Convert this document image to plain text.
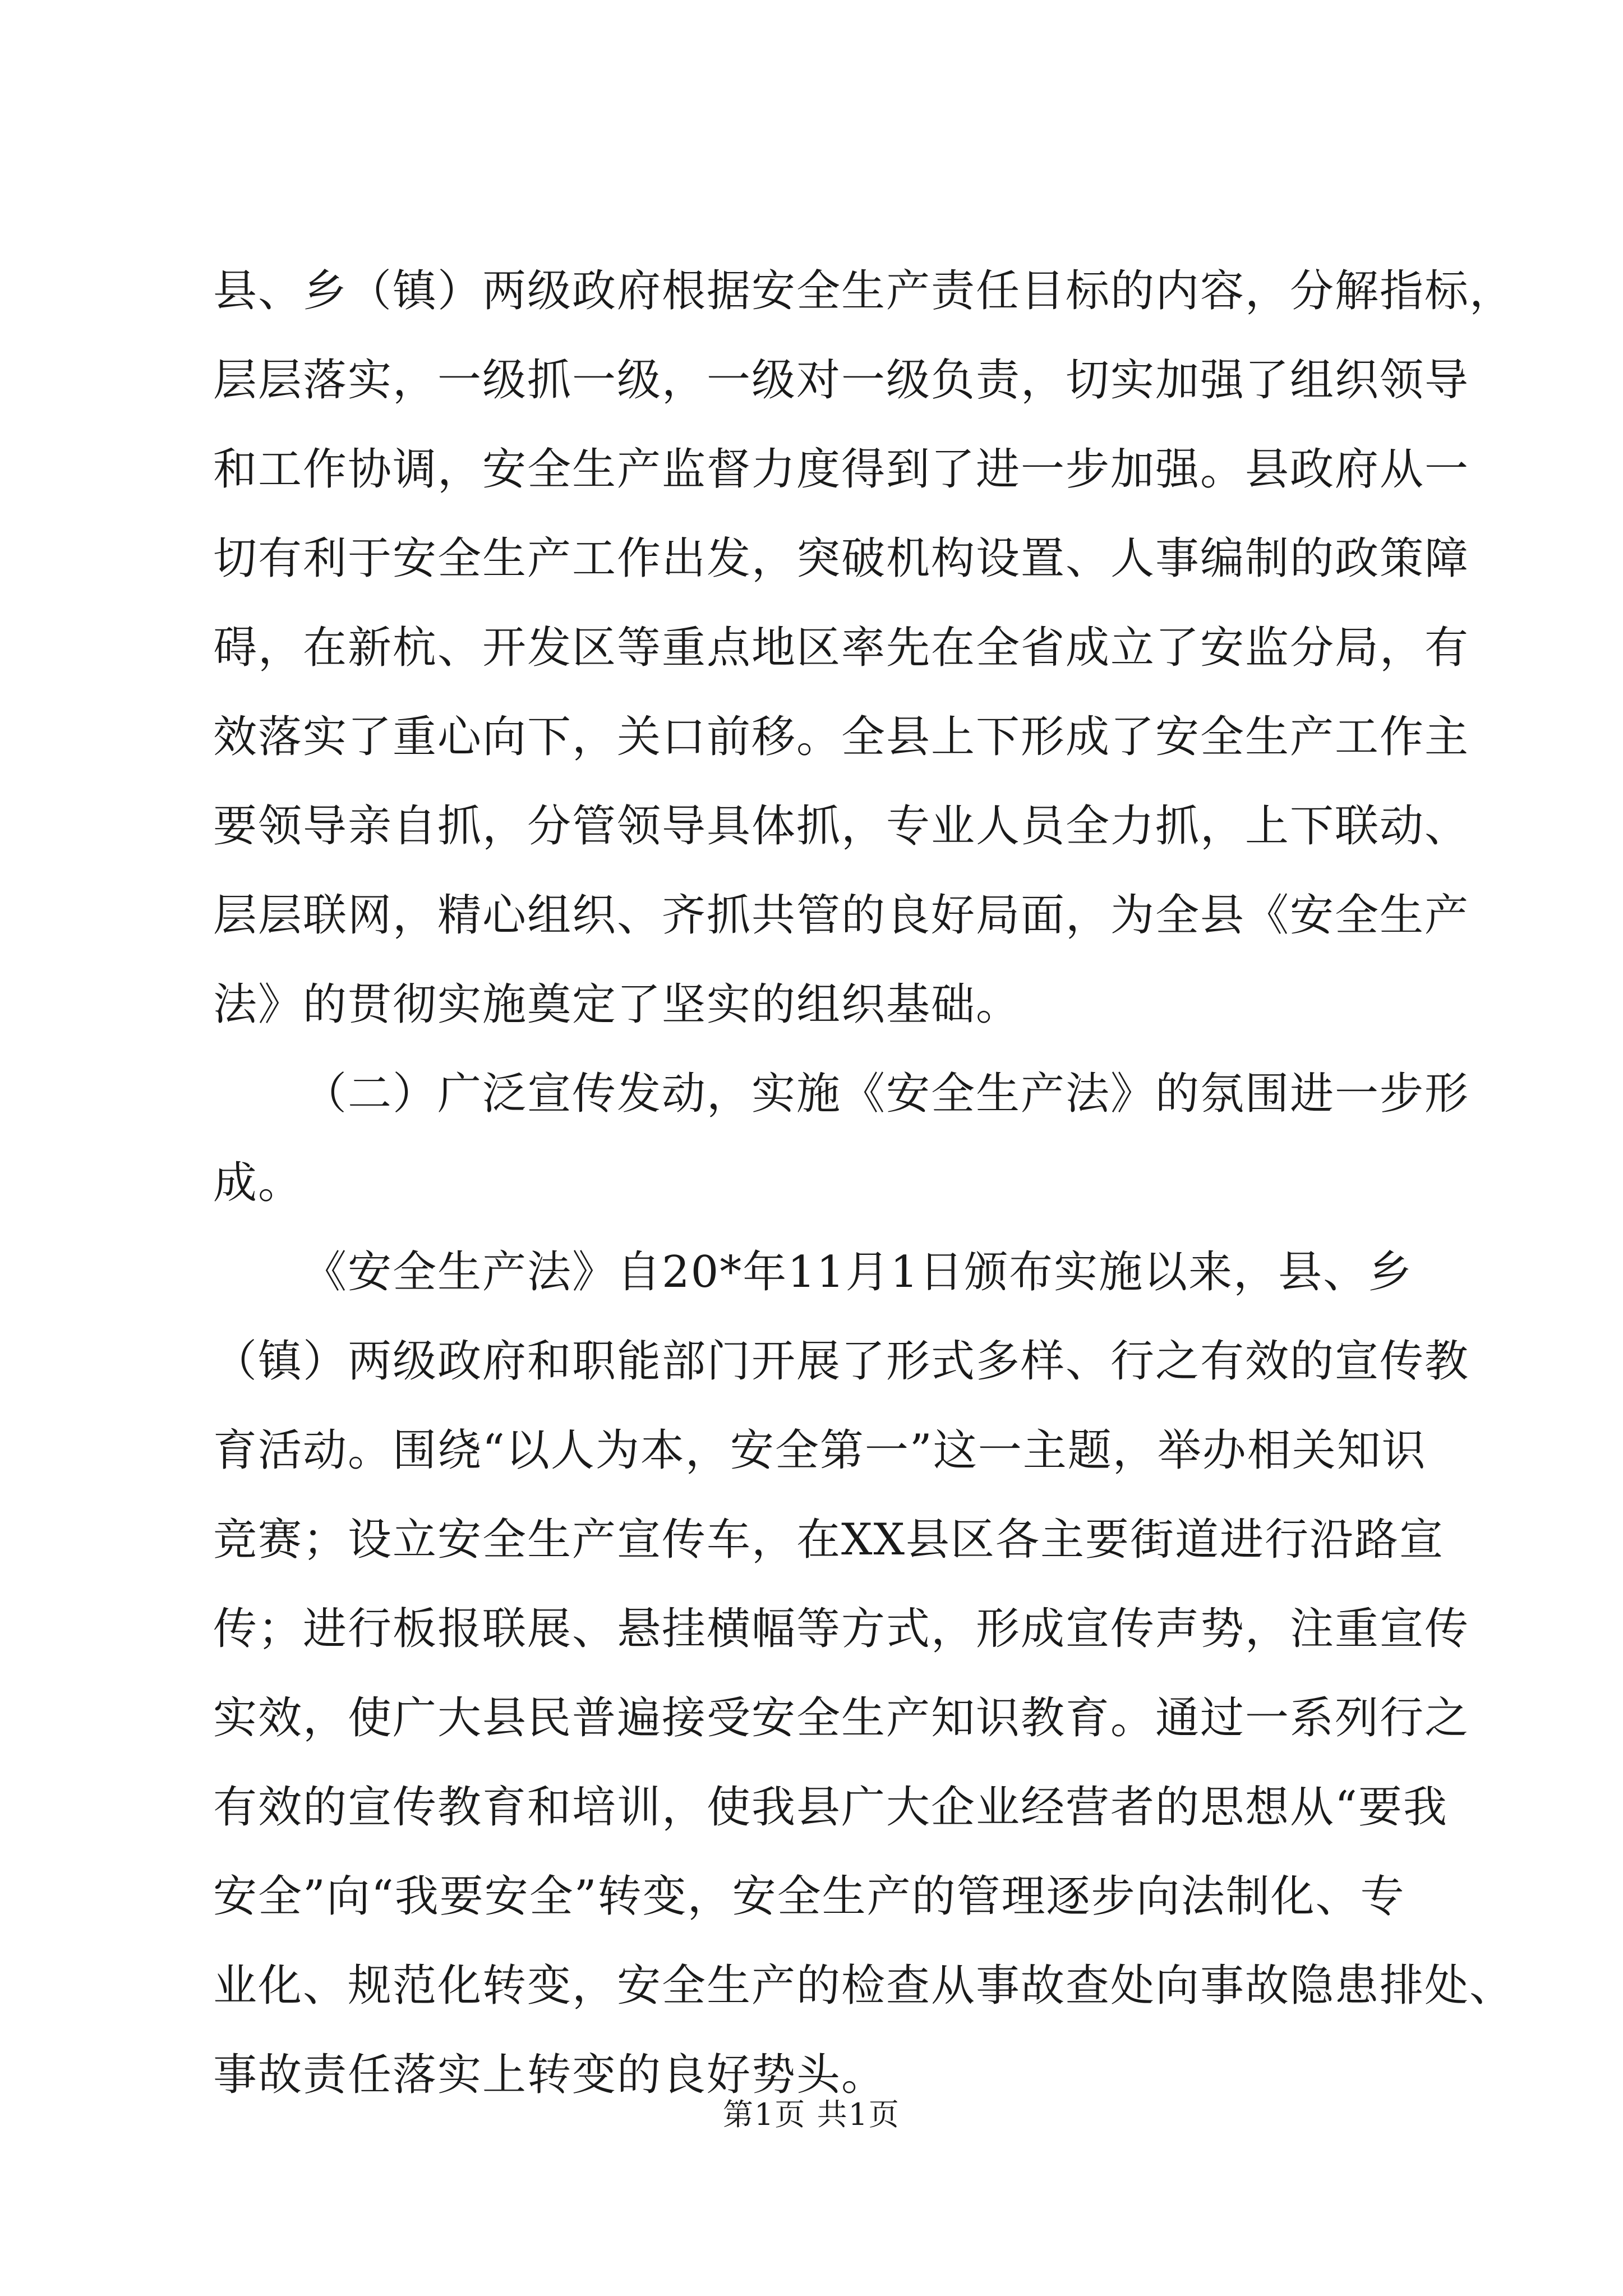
县、乡（镇）两级政府根据安全生产责任目标的内容，分解指标，
层层落实，一级抓一级，一级对一级负责，切实加强了组织领导
和工作协调，安全生产监督力度得到了进一步加强。县政府从一
切有利于安全生产工作出发，突破机构设置、人事编制的政策障
碍，在新杭、开发区等重点地区率先在全省成立了安监分局，有
效落实了重心向下，关口前移。全县上下形成了安全生产工作主
要领导亲自抓，分管领导具体抓，专业人员全力抓，上下联动、
层层联网，精心组织、齐抓共管的良好局面，为全县《安全生产
法》的贯彻实施奠定了坚实的组织基础。
（二）广泛宣传发动，实施《安全生产法》的氛围进一步形
成。
《安全生产法》自20*年11月1日颁布实施以来，县、乡
（镇）两级政府和职能部门开展了形式多样、行之有效的宣传教
育活动。围绕“以人为本，安全第一”这一主题，举办相关知识
竞赛；设立安全生产宣传车，在XX县区各主要街道进行沿路宣
传；进行板报联展、悬挂横幅等方式，形成宣传声势，注重宣传
实效，使广大县民普遍接受安全生产知识教育。通过一系列行之
有效的宣传教育和培训，使我县广大企业经营者的思想从“要我
安全”向“我要安全”转变，安全生产的管理逐步向法制化、专
业化、规范化转变，安全生产的检查从事故查处向事故隐患排处、
事故责任落实上转变的良好势头。
第1页 共1页
